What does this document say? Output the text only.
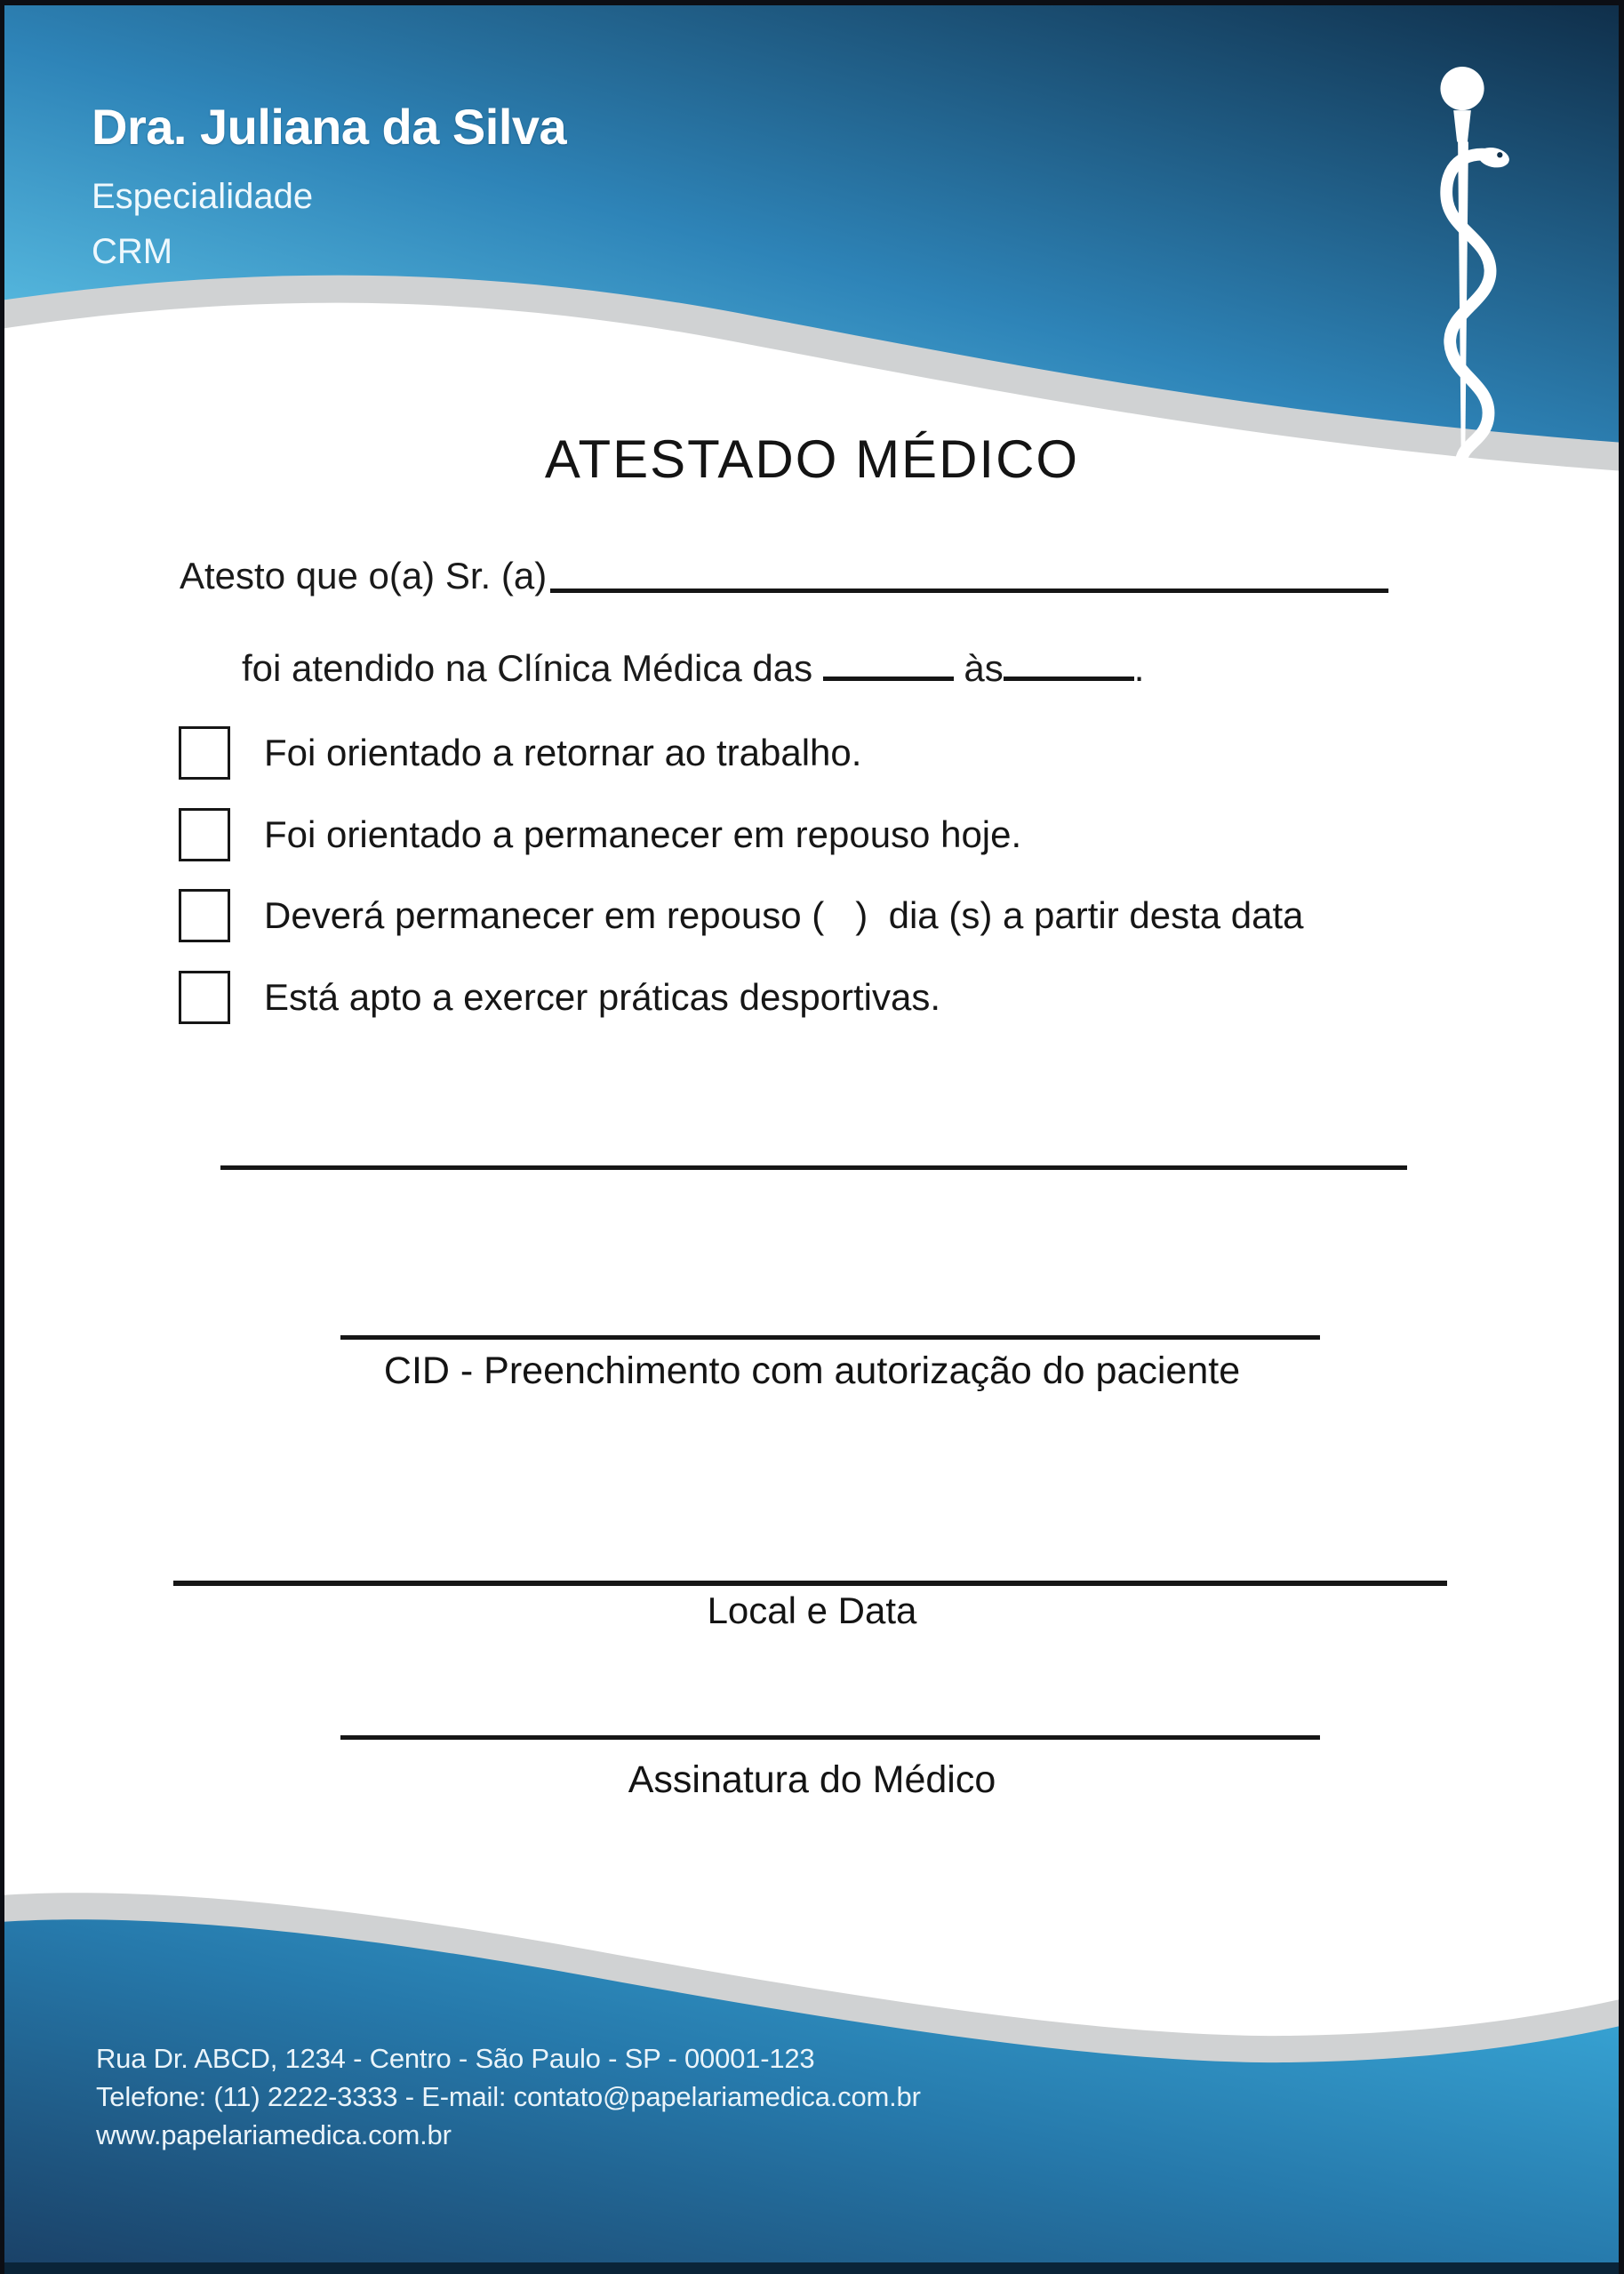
Dra. Juliana da Silva
Especialidade
CRM
ATESTADO MÉDICO
Atesto que o(a) Sr. (a)

foi atendido na Clínica Médica das	às	.

Foi orientado a retornar ao trabalho.
Foi orientado a permanecer em repouso hoje.
Deverá permanecer em repouso (   )  dia (s) a partir desta data
Está apto a exercer práticas desportivas.
CID - Preenchimento com autorização do paciente
Local e Data
Assinatura do Médico
Rua Dr. ABCD, 1234 - Centro - São Paulo - SP - 00001-123
Telefone: (11) 2222-3333 - E-mail: contato@papelariamedica.com.br
www.papelariamedica.com.br
